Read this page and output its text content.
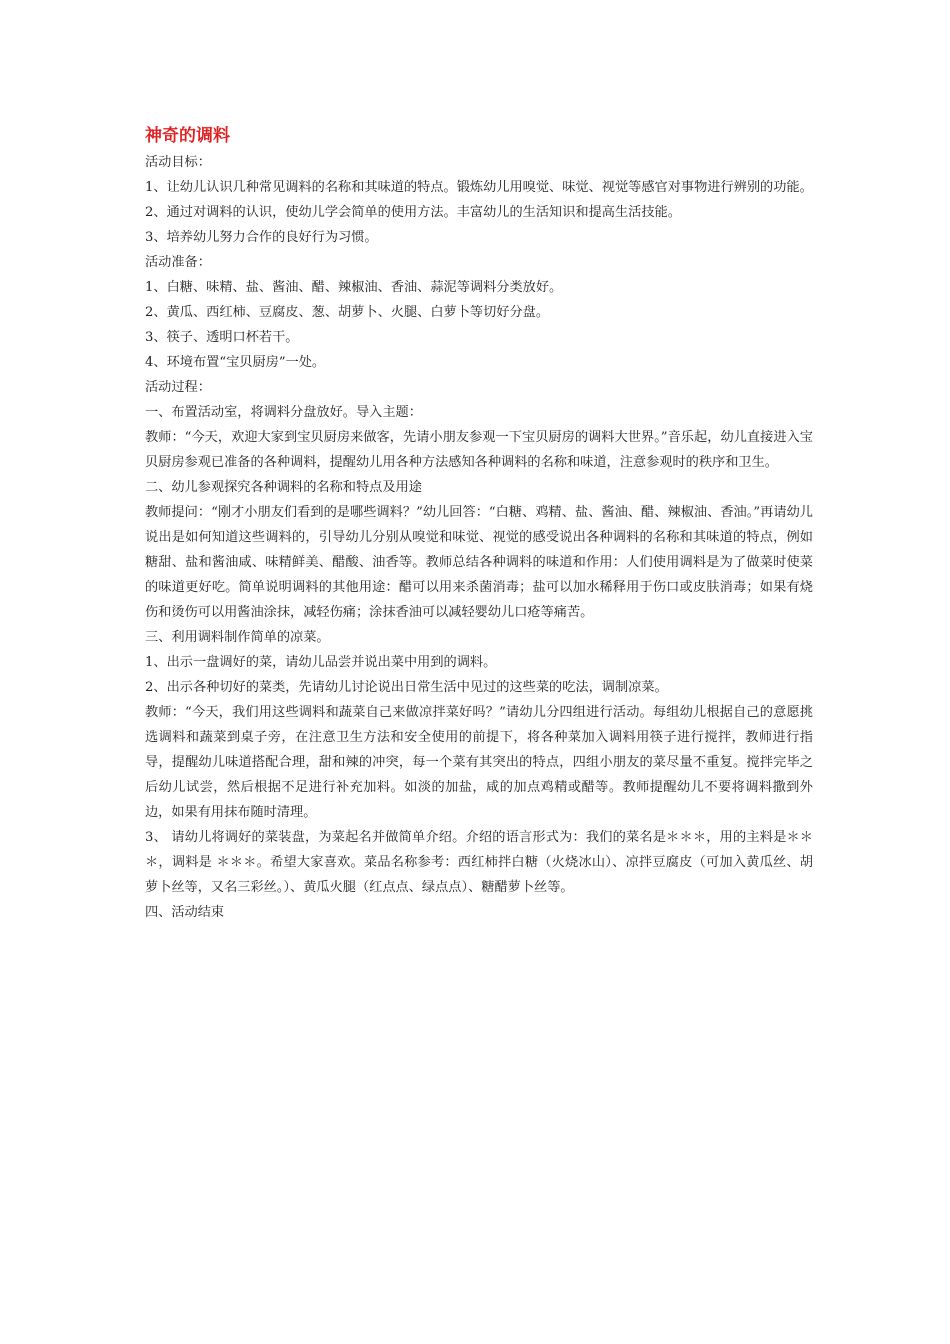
神奇的调料

活动目标：

1、让幼儿认识几种常见调料的名称和其味道的特点。锻炼幼儿用嗅觉、味觉、视觉等感官对事物进行辨别的功能。

2、通过对调料的认识，使幼儿学会简单的使用方法。丰富幼儿的生活知识和提高生活技能。

3、培养幼儿努力合作的良好行为习惯。

活动准备：

1、白糖、味精、盐、酱油、醋、辣椒油、香油、蒜泥等调料分类放好。

2、黄瓜、西红柿、豆腐皮、葱、胡萝卜、火腿、白萝卜等切好分盘。

3、筷子、透明口杯若干。

4、环境布置“宝贝厨房”一处。

活动过程：

一、布置活动室，将调料分盘放好。导入主题：

教师：“今天，欢迎大家到宝贝厨房来做客，先请小朋友参观一下宝贝厨房的调料大世界。”音乐起，幼儿直接进入宝贝厨房参观已准备的各种调料，提醒幼儿用各种方法感知各种调料的名称和味道，注意参观时的秩序和卫生。

二、幼儿参观探究各种调料的名称和特点及用途

教师提问：“刚才小朋友们看到的是哪些调料？”幼儿回答：“白糖、鸡精、盐、酱油、醋、辣椒油、香油。”再请幼儿说出是如何知道这些调料的，引导幼儿分别从嗅觉和味觉、视觉的感受说出各种调料的名称和其味道的特点，例如糖甜、盐和酱油咸、味精鲜美、醋酸、油香等。教师总结各种调料的味道和作用：人们使用调料是为了做菜时使菜的味道更好吃。简单说明调料的其他用途：醋可以用来杀菌消毒；盐可以加水稀释用于伤口或皮肤消毒；如果有烧伤和烫伤可以用酱油涂抹，减轻伤痛；涂抹香油可以减轻婴幼儿口疮等痛苦。

三、利用调料制作简单的凉菜。

1、出示一盘调好的菜，请幼儿品尝并说出菜中用到的调料。

2、出示各种切好的菜类，先请幼儿讨论说出日常生活中见过的这些菜的吃法，调制凉菜。

教师：“今天，我们用这些调料和蔬菜自己来做凉拌菜好吗？”请幼儿分四组进行活动。每组幼儿根据自己的意愿挑选调料和蔬菜到桌子旁，在注意卫生方法和安全使用的前提下，将各种菜加入调料用筷子进行搅拌，教师进行指导，提醒幼儿味道搭配合理，甜和辣的冲突，每一个菜有其突出的特点，四组小朋友的菜尽量不重复。搅拌完毕之后幼儿试尝，然后根据不足进行补充加料。如淡的加盐，咸的加点鸡精或醋等。教师提醒幼儿不要将调料撒到外边，如果有用抹布随时清理。

3、 请幼儿将调好的菜装盘，为菜起名并做简单介绍。介绍的语言形式为：我们的菜名是＊＊＊，用的主料是＊＊＊，调料是 ＊＊＊。希望大家喜欢。菜品名称参考：西红柿拌白糖（火烧冰山）、凉拌豆腐皮（可加入黄瓜丝、胡萝卜丝等，又名三彩丝。）、黄瓜火腿（红点点、绿点点）、糖醋萝卜丝等。

四、活动结束
